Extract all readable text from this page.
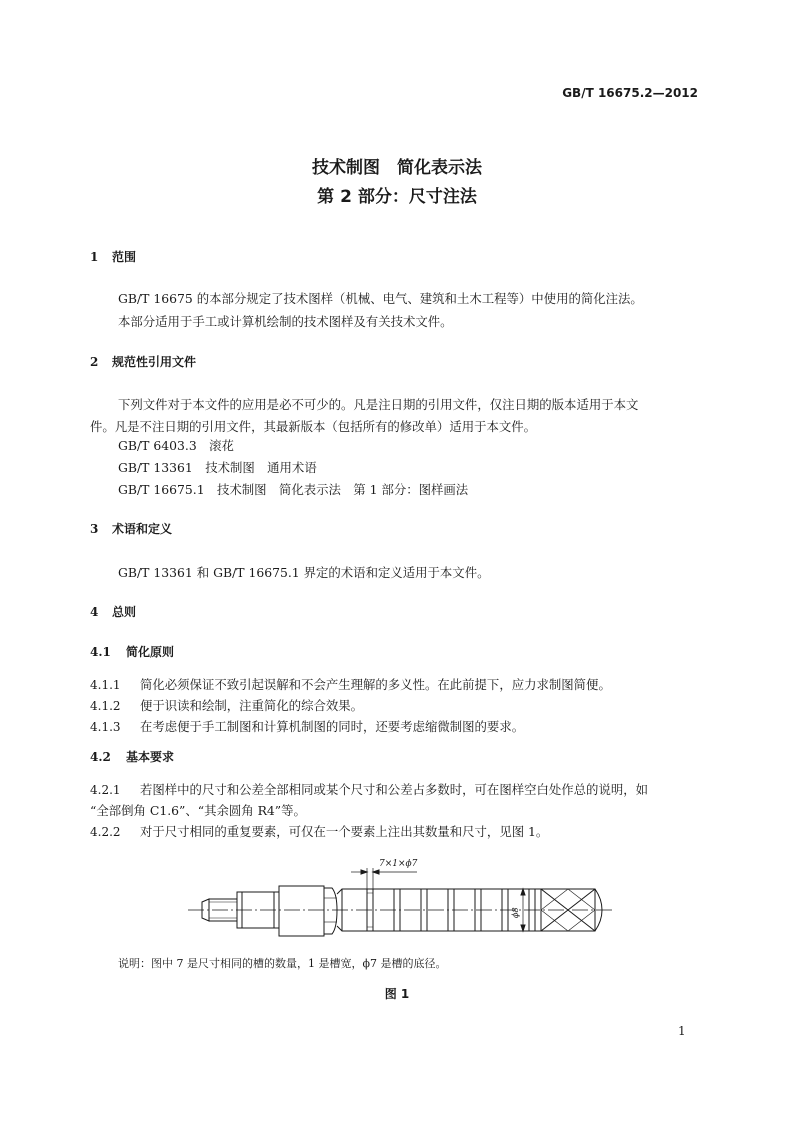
GB/T 16675.2—2012
技术制图　简化表示法
第 2 部分：尺寸注法
1 范围
GB/T 16675 的本部分规定了技术图样（机械、电气、建筑和土木工程等）中使用的简化注法。
本部分适用于手工或计算机绘制的技术图样及有关技术文件。
2 规范性引用文件
下列文件对于本文件的应用是必不可少的。凡是注日期的引用文件，仅注日期的版本适用于本文
件。凡是不注日期的引用文件，其最新版本（包括所有的修改单）适用于本文件。
GB/T 6403.3　滚花
GB/T 13361　技术制图　通用术语
GB/T 16675.1　技术制图　简化表示法　第 1 部分：图样画法
3 术语和定义
GB/T 13361 和 GB/T 16675.1 界定的术语和定义适用于本文件。
4 总则
4.1 简化原则
4.1.1 简化必须保证不致引起误解和不会产生理解的多义性。在此前提下，应力求制图简便。
4.1.2 便于识读和绘制，注重简化的综合效果。
4.1.3 在考虑便于手工制图和计算机制图的同时，还要考虑缩微制图的要求。
4.2 基本要求
4.2.1 若图样中的尺寸和公差全部相同或某个尺寸和公差占多数时，可在图样空白处作总的说明，如
“全部倒角 C1.6”、“其余圆角 R4”等。
4.2.2 对于尺寸相同的重复要素，可仅在一个要素上注出其数量和尺寸，见图 1。
7×1×ϕ7
ϕ8
说明：图中 7 是尺寸相同的槽的数量，1 是槽宽，ϕ7 是槽的底径。
图 1
1
